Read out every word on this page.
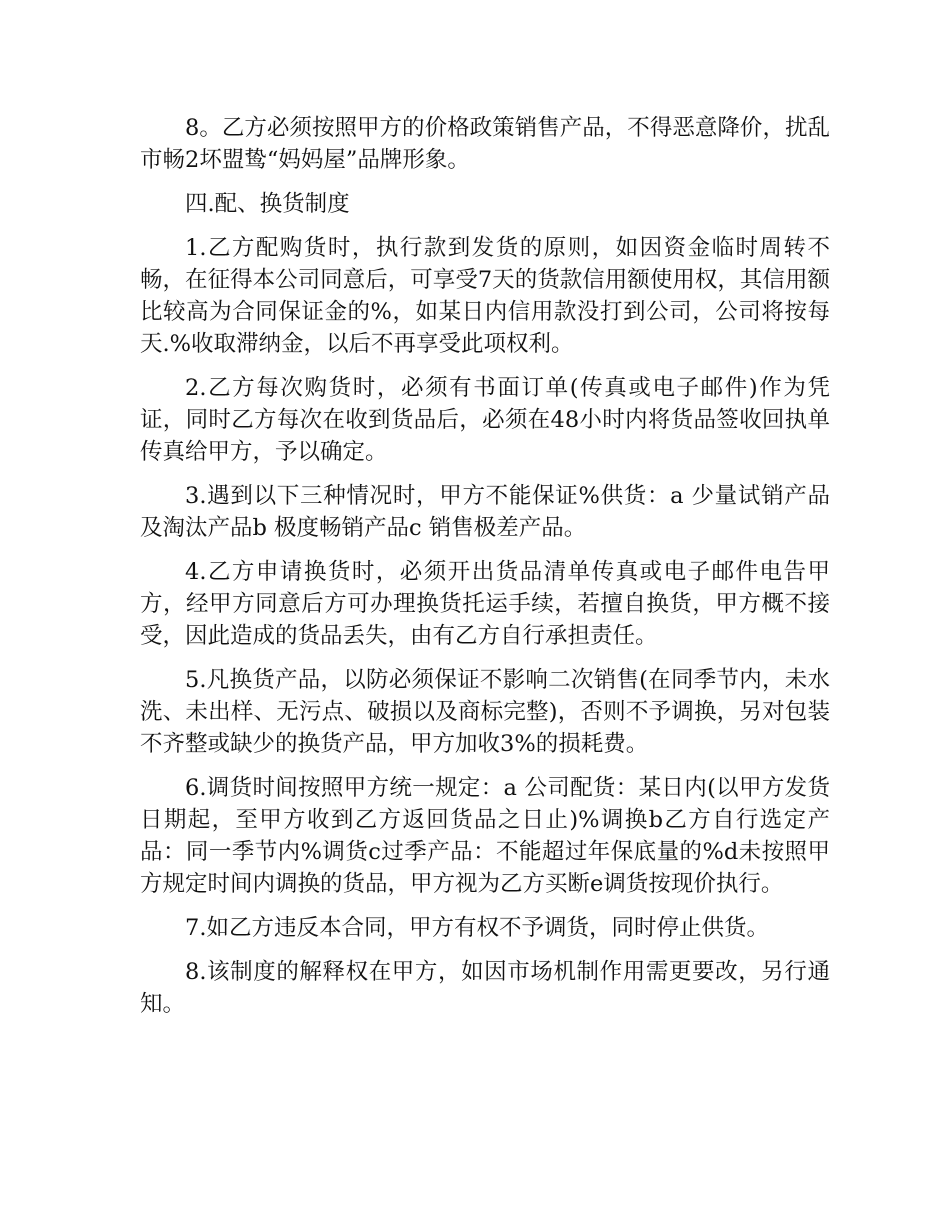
8。乙方必须按照甲方的价格政策销售产品，不得恶意降价，扰乱市畅2坏盟鸷“妈妈屋”品牌形象。

四.配、换货制度

1.乙方配购货时，执行款到发货的原则，如因资金临时周转不畅，在征得本公司同意后，可享受7天的货款信用额使用权，其信用额比较高为合同保证金的%，如某日内信用款没打到公司，公司将按每天.%收取滞纳金，以后不再享受此项权利。

2.乙方每次购货时，必须有书面订单(传真或电子邮件)作为凭证，同时乙方每次在收到货品后，必须在48小时内将货品签收回执单传真给甲方，予以确定。

3.遇到以下三种情况时，甲方不能保证%供货：a 少量试销产品及淘汰产品b 极度畅销产品c 销售极差产品。

4.乙方申请换货时，必须开出货品清单传真或电子邮件电告甲方，经甲方同意后方可办理换货托运手续，若擅自换货，甲方概不接受，因此造成的货品丢失，由有乙方自行承担责任。

5.凡换货产品，以防必须保证不影响二次销售(在同季节内，未水洗、未出样、无污点、破损以及商标完整)，否则不予调换，另对包装不齐整或缺少的换货产品，甲方加收3%的损耗费。

6.调货时间按照甲方统一规定：a 公司配货：某日内(以甲方发货日期起，至甲方收到乙方返回货品之日止)%调换b乙方自行选定产品：同一季节内%调货c过季产品：不能超过年保底量的%d未按照甲方规定时间内调换的货品，甲方视为乙方买断e调货按现价执行。

7.如乙方违反本合同，甲方有权不予调货，同时停止供货。

8.该制度的解释权在甲方，如因市场机制作用需更要改，另行通知。
